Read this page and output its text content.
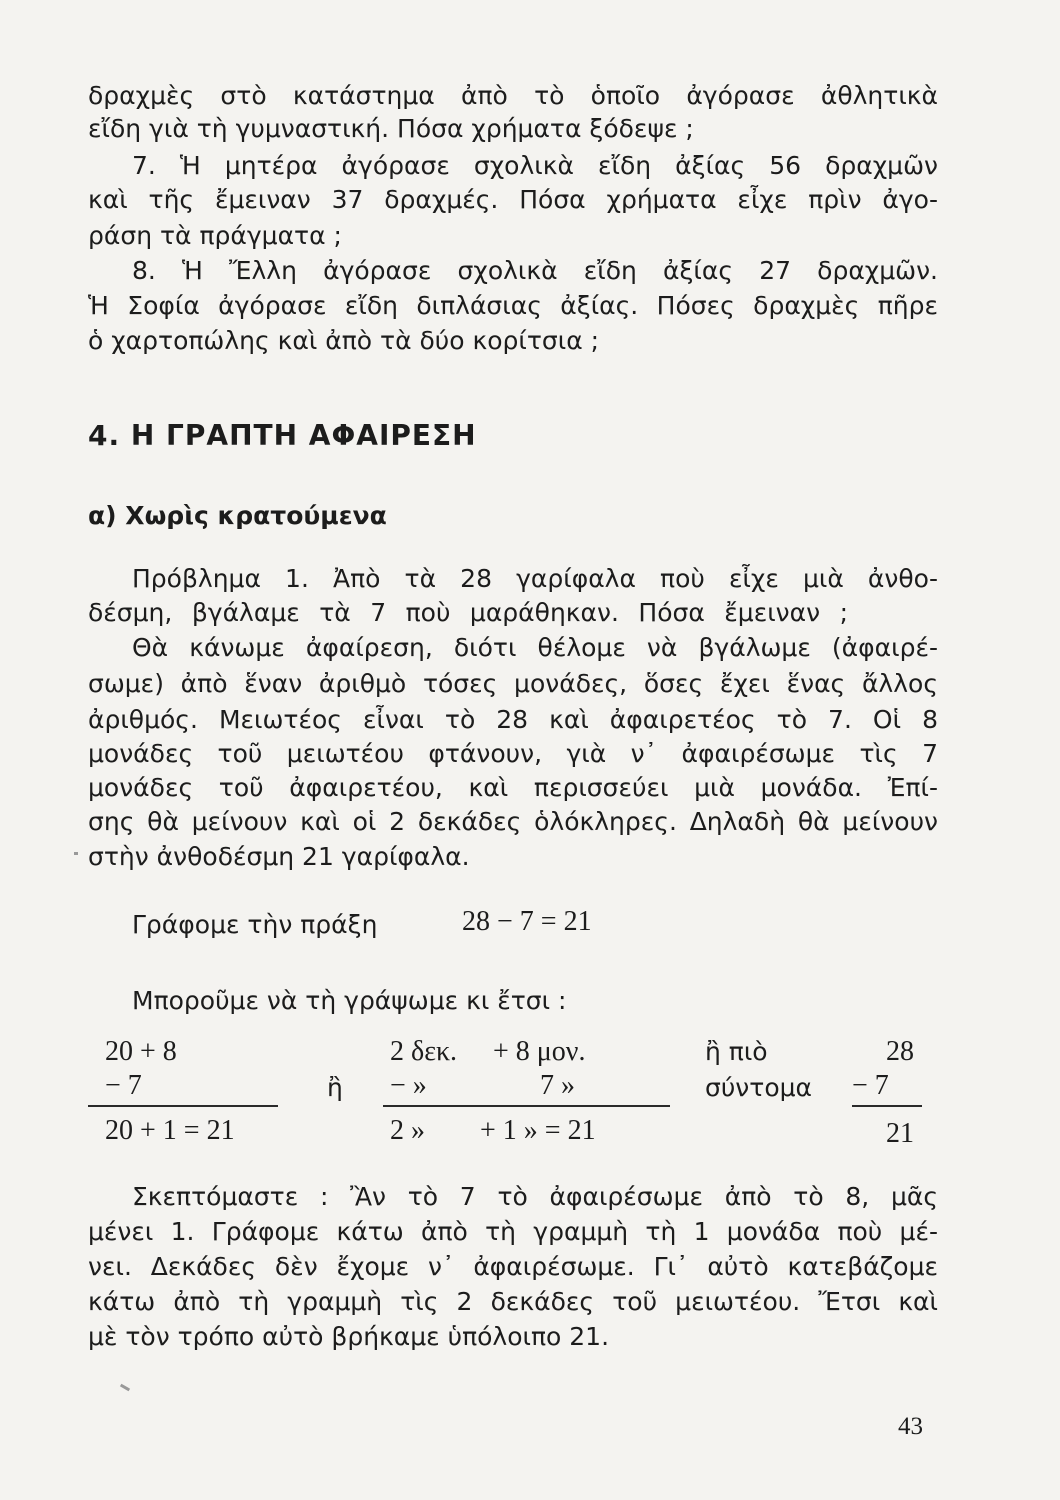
δραχμὲς στὸ κατάστημα ἀπὸ τὸ ὁποῖο ἀγόρασε ἀθλητικὰ
εἴδη γιὰ τὴ γυμναστική. Πόσα χρήματα ξόδεψε ;
7. Ἡ μητέρα ἀγόρασε σχολικὰ εἴδη ἀξίας 56 δραχμῶν
καὶ τῆς ἔμειναν 37 δραχμές. Πόσα χρήματα εἶχε πρὶν ἀγο-
ράση τὰ πράγματα ;
8. Ἡ Ἔλλη ἀγόρασε σχολικὰ εἴδη ἀξίας 27 δραχμῶν.
Ἡ Σοφία ἀγόρασε εἴδη διπλάσιας ἀξίας. Πόσες δραχμὲς πῆρε
ὁ χαρτοπώλης καὶ ἀπὸ τὰ δύο κορίτσια ;
4. Η ΓΡΑΠΤΗ ΑΦΑΙΡΕΣΗ
α) Χωρὶς κρατούμενα
Πρόβλημα 1. Ἀπὸ τὰ 28 γαρίφαλα ποὺ εἶχε μιὰ ἀνθο-
δέσμη, βγάλαμε τὰ 7 ποὺ μαράθηκαν. Πόσα ἔμειναν ;
Θὰ κάνωμε ἀφαίρεση, διότι θέλομε νὰ βγάλωμε (ἀφαιρέ-
σωμε) ἀπὸ ἕναν ἀριθμὸ τόσες μονάδες, ὅσες ἔχει ἕνας ἄλλος
ἀριθμός. Μειωτέος εἶναι τὸ 28 καὶ ἀφαιρετέος τὸ 7. Οἱ 8
μονάδες τοῦ μειωτέου φτάνουν, γιὰ ν᾽ ἀφαιρέσωμε τὶς 7
μονάδες τοῦ ἀφαιρετέου, καὶ περισσεύει μιὰ μονάδα. Ἐπί-
σης θὰ μείνουν καὶ οἱ 2 δεκάδες ὁλόκληρες. Δηλαδὴ θὰ μείνουν
στὴν ἀνθοδέσμη 21 γαρίφαλα.
Γράφομε τὴν πράξη	28 − 7 = 21
Μποροῦμε νὰ τὴ γράψωμε κι ἔτσι :
20 + 8
− 7
20 + 1 = 21
ἢ
2 δεκ. + 8 μον.
− »	7 »
2 » + 1 » = 21
ἢ πιὸ
σύντομα
28
− 7
21
Σκεπτόμαστε : Ἂν τὸ 7 τὸ ἀφαιρέσωμε ἀπὸ τὸ 8, μᾶς
μένει 1. Γράφομε κάτω ἀπὸ τὴ γραμμὴ τὴ 1 μονάδα ποὺ μέ-
νει. Δεκάδες δὲν ἔχομε ν᾽ ἀφαιρέσωμε. Γι᾽ αὐτὸ κατεβάζομε
κάτω ἀπὸ τὴ γραμμὴ τὶς 2 δεκάδες τοῦ μειωτέου. Ἔτσι καὶ
μὲ τὸν τρόπο αὐτὸ βρήκαμε ὑπόλοιπο 21.
43
